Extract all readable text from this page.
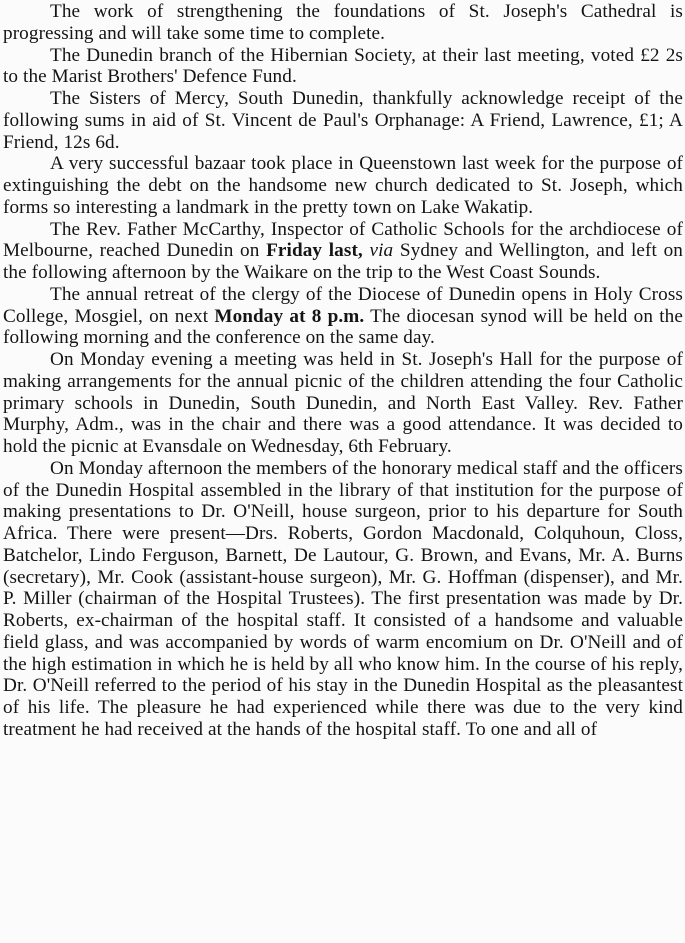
The work of strengthening the foundations of St. Joseph's Cathedral is progressing and will take some time to complete.

The Dunedin branch of the Hibernian Society, at their last meeting, voted £2 2s to the Marist Brothers' Defence Fund.

The Sisters of Mercy, South Dunedin, thankfully acknowledge receipt of the following sums in aid of St. Vincent de Paul's Orphanage: A Friend, Lawrence, £1; A Friend, 12s 6d.

A very successful bazaar took place in Queenstown last week for the purpose of extinguishing the debt on the handsome new church dedicated to St. Joseph, which forms so interesting a landmark in the pretty town on Lake Wakatip.

The Rev. Father McCarthy, Inspector of Catholic Schools for the archdiocese of Melbourne, reached Dunedin on Friday last, via Sydney and Wellington, and left on the following afternoon by the Waikare on the trip to the West Coast Sounds.

The annual retreat of the clergy of the Diocese of Dunedin opens in Holy Cross College, Mosgiel, on next Monday at 8 p.m. The diocesan synod will be held on the following morning and the conference on the same day.

On Monday evening a meeting was held in St. Joseph's Hall for the purpose of making arrangements for the annual picnic of the children attending the four Catholic primary schools in Dunedin, South Dunedin, and North East Valley. Rev. Father Murphy, Adm., was in the chair and there was a good attendance. It was decided to hold the picnic at Evansdale on Wednesday, 6th February.

On Monday afternoon the members of the honorary medical staff and the officers of the Dunedin Hospital assembled in the library of that institution for the purpose of making presentations to Dr. O'Neill, house surgeon, prior to his departure for South Africa. There were present—Drs. Roberts, Gordon Macdonald, Colquhoun, Closs, Batchelor, Lindo Ferguson, Barnett, De Lautour, G. Brown, and Evans, Mr. A. Burns (secretary), Mr. Cook (assistant-house surgeon), Mr. G. Hoffman (dispenser), and Mr. P. Miller (chairman of the Hospital Trustees). The first presentation was made by Dr. Roberts, ex-chairman of the hospital staff. It consisted of a handsome and valuable field glass, and was accompanied by words of warm encomium on Dr. O'Neill and of the high estimation in which he is held by all who know him. In the course of his reply, Dr. O'Neill referred to the period of his stay in the Dunedin Hospital as the pleasantest of his life. The pleasure he had experienced while there was due to the very kind treatment he had received at the hands of the hospital staff. To one and all of
